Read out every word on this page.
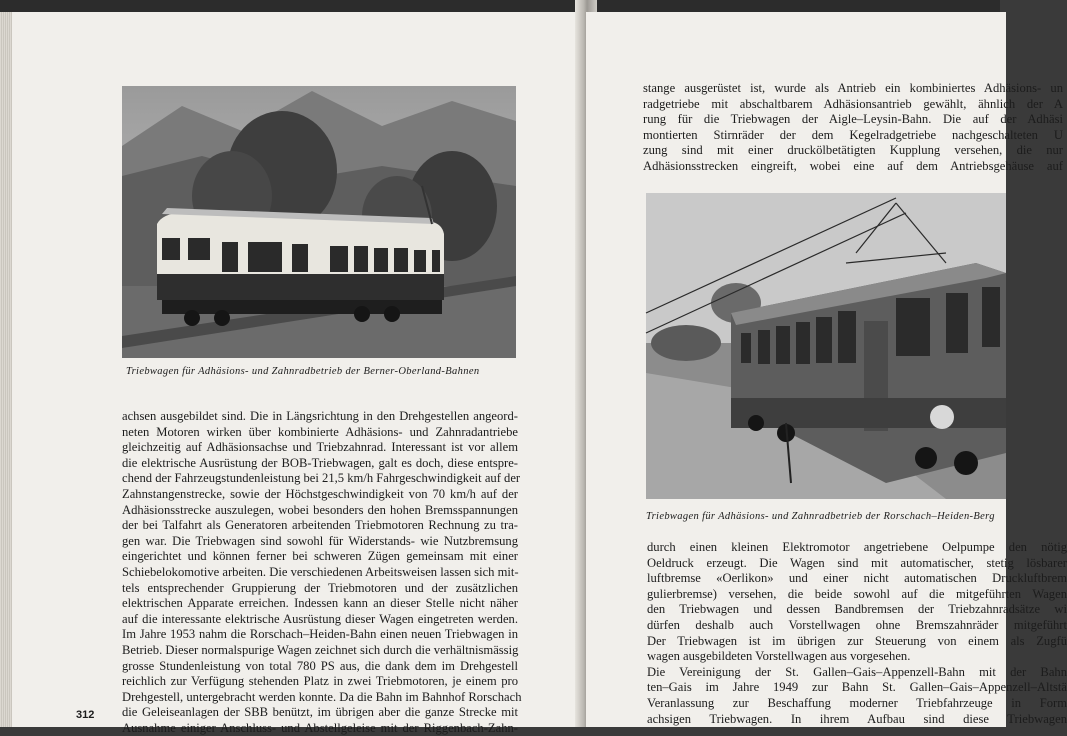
Triebwagen für Adhäsions- und Zahnradbetrieb der Berner-Oberland-Bahnen
achsen ausgebildet sind. Die in Längsrichtung in den Drehgestellen angeord-
neten Motoren wirken über kombinierte Adhäsions- und Zahnradantriebe
gleichzeitig auf Adhäsionsachse und Triebzahnrad. Interessant ist vor allem
die elektrische Ausrüstung der BOB-Triebwagen, galt es doch, diese entspre-
chend der Fahrzeugstundenleistung bei 21,5 km/h Fahrgeschwindigkeit auf der
Zahnstangenstrecke, sowie der Höchstgeschwindigkeit von 70 km/h auf der
Adhäsionsstrecke auszulegen, wobei besonders den hohen Bremsspannungen
der bei Talfahrt als Generatoren arbeitenden Triebmotoren Rechnung zu tra-
gen war. Die Triebwagen sind sowohl für Widerstands- wie Nutzbremsung
eingerichtet und können ferner bei schweren Zügen gemeinsam mit einer
Schiebelokomotive arbeiten. Die verschiedenen Arbeitsweisen lassen sich mit-
tels entsprechender Gruppierung der Triebmotoren und der zusätzlichen
elektrischen Apparate erreichen. Indessen kann an dieser Stelle nicht näher
auf die interessante elektrische Ausrüstung dieser Wagen eingetreten werden.
Im Jahre 1953 nahm die Rorschach–Heiden-Bahn einen neuen Triebwagen in
Betrieb. Dieser normalspurige Wagen zeichnet sich durch die verhältnismässig
grosse Stundenleistung von total 780 PS aus, die dank dem im Drehgestell
reichlich zur Verfügung stehenden Platz in zwei Triebmotoren, je einem pro
Drehgestell, untergebracht werden konnte. Da die Bahn im Bahnhof Rorschach
die Geleiseanlagen der SBB benützt, im übrigen aber die ganze Strecke mit
Ausnahme einiger Anschluss- und Abstellgeleise mit der Riggenbach-Zahn-
312
stange ausgerüstet ist, wurde als Antrieb ein kombiniertes Adhäsions- un
radgetriebe mit abschaltbarem Adhäsionsantrieb gewählt, ähnlich der A
rung für die Triebwagen der Aigle–Leysin-Bahn. Die auf der Adhäsi
montierten Stirnräder der dem Kegelradgetriebe nachgeschalteten U
zung sind mit einer druckölbetätigten Kupplung versehen, die nur
Adhäsionsstrecken eingreift, wobei eine auf dem Antriebsgehäuse auf
Triebwagen für Adhäsions- und Zahnradbetrieb der Rorschach–Heiden-Berg
durch einen kleinen Elektromotor angetriebene Oelpumpe den nötig
Oeldruck erzeugt. Die Wagen sind mit automatischer, stetig lösbarer
luftbremse «Oerlikon» und einer nicht automatischen Druckluftbrem
gulierbremse) versehen, die beide sowohl auf die mitgeführten Wagen
den Triebwagen und dessen Bandbremsen der Triebzahnradsätze wi
dürfen deshalb auch Vorstellwagen ohne Bremszahnräder mitgeführt
Der Triebwagen ist im übrigen zur Steuerung von einem als Zugfü
wagen ausgebildeten Vorstellwagen aus vorgesehen.
Die Vereinigung der St. Gallen–Gais–Appenzell-Bahn mit der Bahn
ten–Gais im Jahre 1949 zur Bahn St. Gallen–Gais–Appenzell–Altstä
Veranlassung zur Beschaffung moderner Triebfahrzeuge in Form
achsigen Triebwagen. In ihrem Aufbau sind diese Triebwagen
